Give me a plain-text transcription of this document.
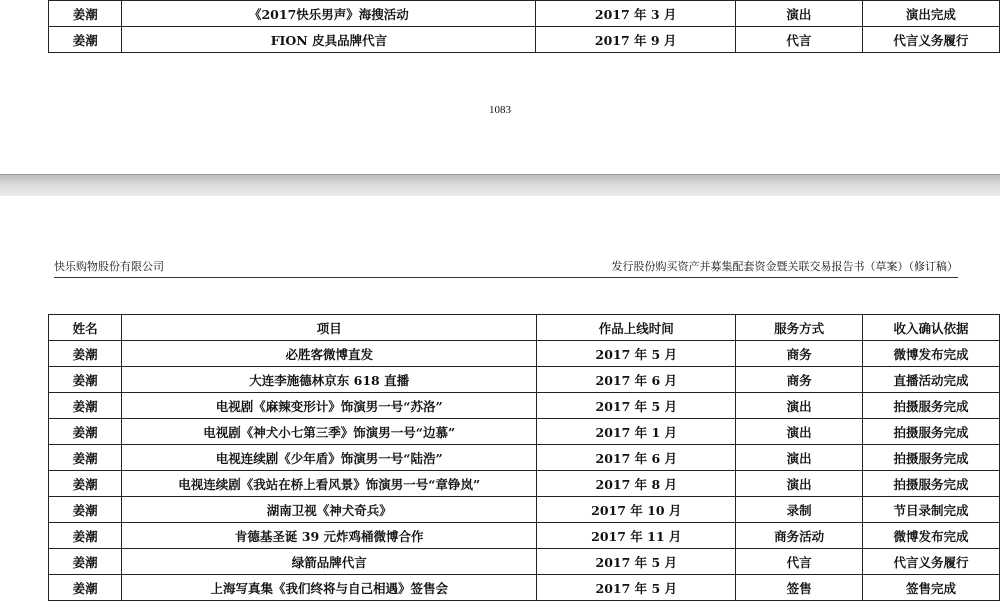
姜潮	《2017快乐男声》海搜活动	2017 年 3 月	演出	演出完成
姜潮	FION 皮具品牌代言	2017 年 9 月	代言	代言义务履行
1083
快乐购物股份有限公司	发行股份购买资产并募集配套资金暨关联交易报告书（草案）（修订稿）
姓名	项目	作品上线时间	服务方式	收入确认依据
姜潮	必胜客微博直发	2017 年 5 月	商务	微博发布完成
姜潮	大连李施德林京东 618 直播	2017 年 6 月	商务	直播活动完成
姜潮	电视剧《麻辣变形计》饰演男一号“苏洛”	2017 年 5 月	演出	拍摄服务完成
姜潮	电视剧《神犬小七第三季》饰演男一号“边慕”	2017 年 1 月	演出	拍摄服务完成
姜潮	电视连续剧《少年盾》饰演男一号“陆浩”	2017 年 6 月	演出	拍摄服务完成
姜潮	电视连续剧《我站在桥上看风景》饰演男一号“章铮岚”	2017 年 8 月	演出	拍摄服务完成
姜潮	湖南卫视《神犬奇兵》	2017 年 10 月	录制	节目录制完成
姜潮	肯德基圣诞 39 元炸鸡桶微博合作	2017 年 11 月	商务活动	微博发布完成
姜潮	绿箭品牌代言	2017 年 5 月	代言	代言义务履行
姜潮	上海写真集《我们终将与自己相遇》签售会	2017 年 5 月	签售	签售完成
